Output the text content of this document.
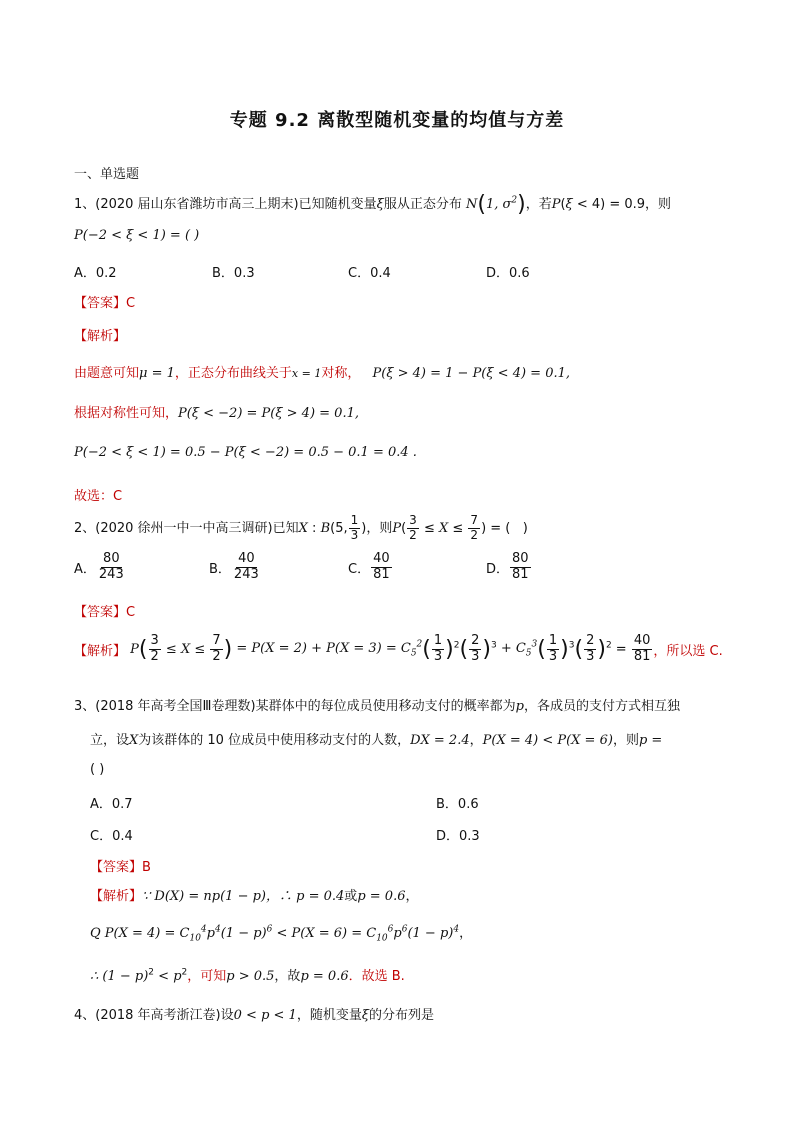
专题 9.2 离散型随机变量的均值与方差
一、单选题
1、(2020 届山东省潍坊市高三上期末)已知随机变量ξ服从正态分布 N(1, $\sigma^2$)，若P(ξ < 4) = 0.9，则
P(−2 < ξ < 1) = ( )
A．0.2	B．0.3	C．0.4	D．0.6
【答案】C
【解析】
由题意可知μ = 1，正态分布曲线关于x = 1对称， P(ξ > 4) = 1 − P(ξ < 4) = 0.1,
根据对称性可知，P(ξ < −2) = P(ξ > 4) = 0.1,
P(−2 < ξ < 1) = 0.5 − P(ξ < −2) = 0.5 − 0.1 = 0.4 .
故选：C
2、(2020 徐州一中一中高三调研)已知X : B(5, $\frac{1}{3}$ )，则$P( \frac{3}{2} \le X \le \frac{7}{2}$ ) = (   )
A． $\frac{80}{243}$	B． $\frac{40}{243}$	C． $\frac{40}{81}$	D． $\frac{80}{81}$
【答案】C
【解析】 $P( \frac{3}{2} \le X \le \frac{7}{2}$ ) = $P(X = 2) + P(X = 3) = C_5^2( \frac{1}{3} )^2( \frac{2}{3} )^3 + C_5^3( \frac{1}{3} )^3( \frac{2}{3} )^2 = \frac{40}{81}$ ，所以选 C.
3、(2018 年高考全国Ⅲ卷理数)某群体中的每位成员使用移动支付的概率都为p，各成员的支付方式相互独
立，设X为该群体的 10 位成员中使用移动支付的人数，DX = 2.4，P(X = 4) < P(X = 6)，则p =
( )
A．0.7	B．0.6
C．0.4	D．0.3
【答案】B
【解析】∵ D(X) = np(1 − p)，∴ p = 0.4或p = 0.6，
Q $P(X = 4) = C_{10}^4p^4(1 - p)^6 < P(X = 6) = C_{10}^6p^6(1 - p)^4$，
∴ $(1 - p)^2 < p^2$，可知p > 0.5，故p = 0.6．故选 B.
4、(2018 年高考浙江卷)设0 < p < 1，随机变量ξ的分布列是
